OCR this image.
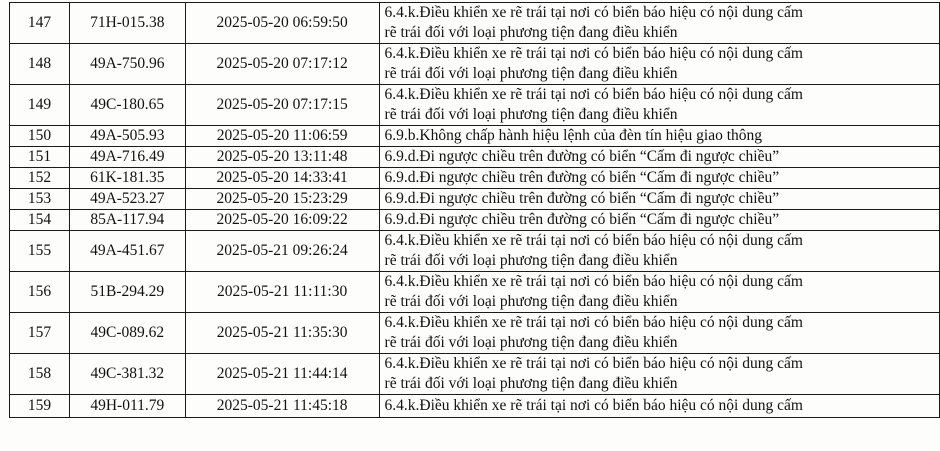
147	71H-015.38	2025-05-20 06:59:50	6.4.k.Điều khiển xe rẽ trái tại nơi có biển báo hiệu có nội dung cấm
rẽ trái đối với loại phương tiện đang điều khiển

148	49A-750.96	2025-05-20 07:17:12	6.4.k.Điều khiển xe rẽ trái tại nơi có biển báo hiệu có nội dung cấm
rẽ trái đối với loại phương tiện đang điều khiển

149	49C-180.65	2025-05-20 07:17:15	6.4.k.Điều khiển xe rẽ trái tại nơi có biển báo hiệu có nội dung cấm
rẽ trái đối với loại phương tiện đang điều khiển

150	49A-505.93	2025-05-20 11:06:59	6.9.b.Không chấp hành hiệu lệnh của đèn tín hiệu giao thông

151	49A-716.49	2025-05-20 13:11:48	6.9.d.Đi ngược chiều trên đường có biển “Cấm đi ngược chiều”

152	61K-181.35	2025-05-20 14:33:41	6.9.d.Đi ngược chiều trên đường có biển “Cấm đi ngược chiều”

153	49A-523.27	2025-05-20 15:23:29	6.9.d.Đi ngược chiều trên đường có biển “Cấm đi ngược chiều”

154	85A-117.94	2025-05-20 16:09:22	6.9.d.Đi ngược chiều trên đường có biển “Cấm đi ngược chiều”

155	49A-451.67	2025-05-21 09:26:24	6.4.k.Điều khiển xe rẽ trái tại nơi có biển báo hiệu có nội dung cấm
rẽ trái đối với loại phương tiện đang điều khiển

156	51B-294.29	2025-05-21 11:11:30	6.4.k.Điều khiển xe rẽ trái tại nơi có biển báo hiệu có nội dung cấm
rẽ trái đối với loại phương tiện đang điều khiển

157	49C-089.62	2025-05-21 11:35:30	6.4.k.Điều khiển xe rẽ trái tại nơi có biển báo hiệu có nội dung cấm
rẽ trái đối với loại phương tiện đang điều khiển

158	49C-381.32	2025-05-21 11:44:14	6.4.k.Điều khiển xe rẽ trái tại nơi có biển báo hiệu có nội dung cấm
rẽ trái đối với loại phương tiện đang điều khiển

159	49H-011.79	2025-05-21 11:45:18	6.4.k.Điều khiển xe rẽ trái tại nơi có biển báo hiệu có nội dung cấm
